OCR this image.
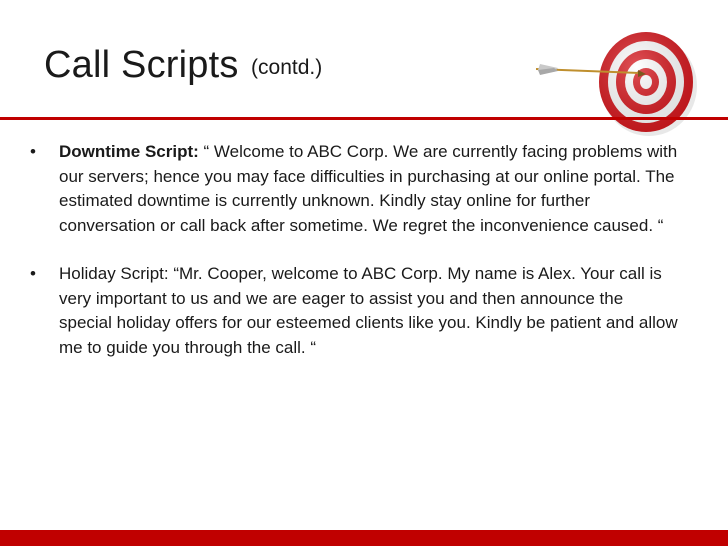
Call Scripts (contd.)
• Downtime Script: “ Welcome to ABC Corp. We are currently facing problems with our servers; hence you may face difficulties in purchasing at our online portal. The estimated downtime is currently unknown. Kindly stay online for further conversation or call back after sometime. We regret the inconvenience caused. “
• Holiday Script: “Mr. Cooper, welcome to ABC Corp. My name is Alex. Your call is very important to us and we are eager to assist you and then announce the special holiday offers for our esteemed clients like you. Kindly be patient and allow me to guide you through the call. “
